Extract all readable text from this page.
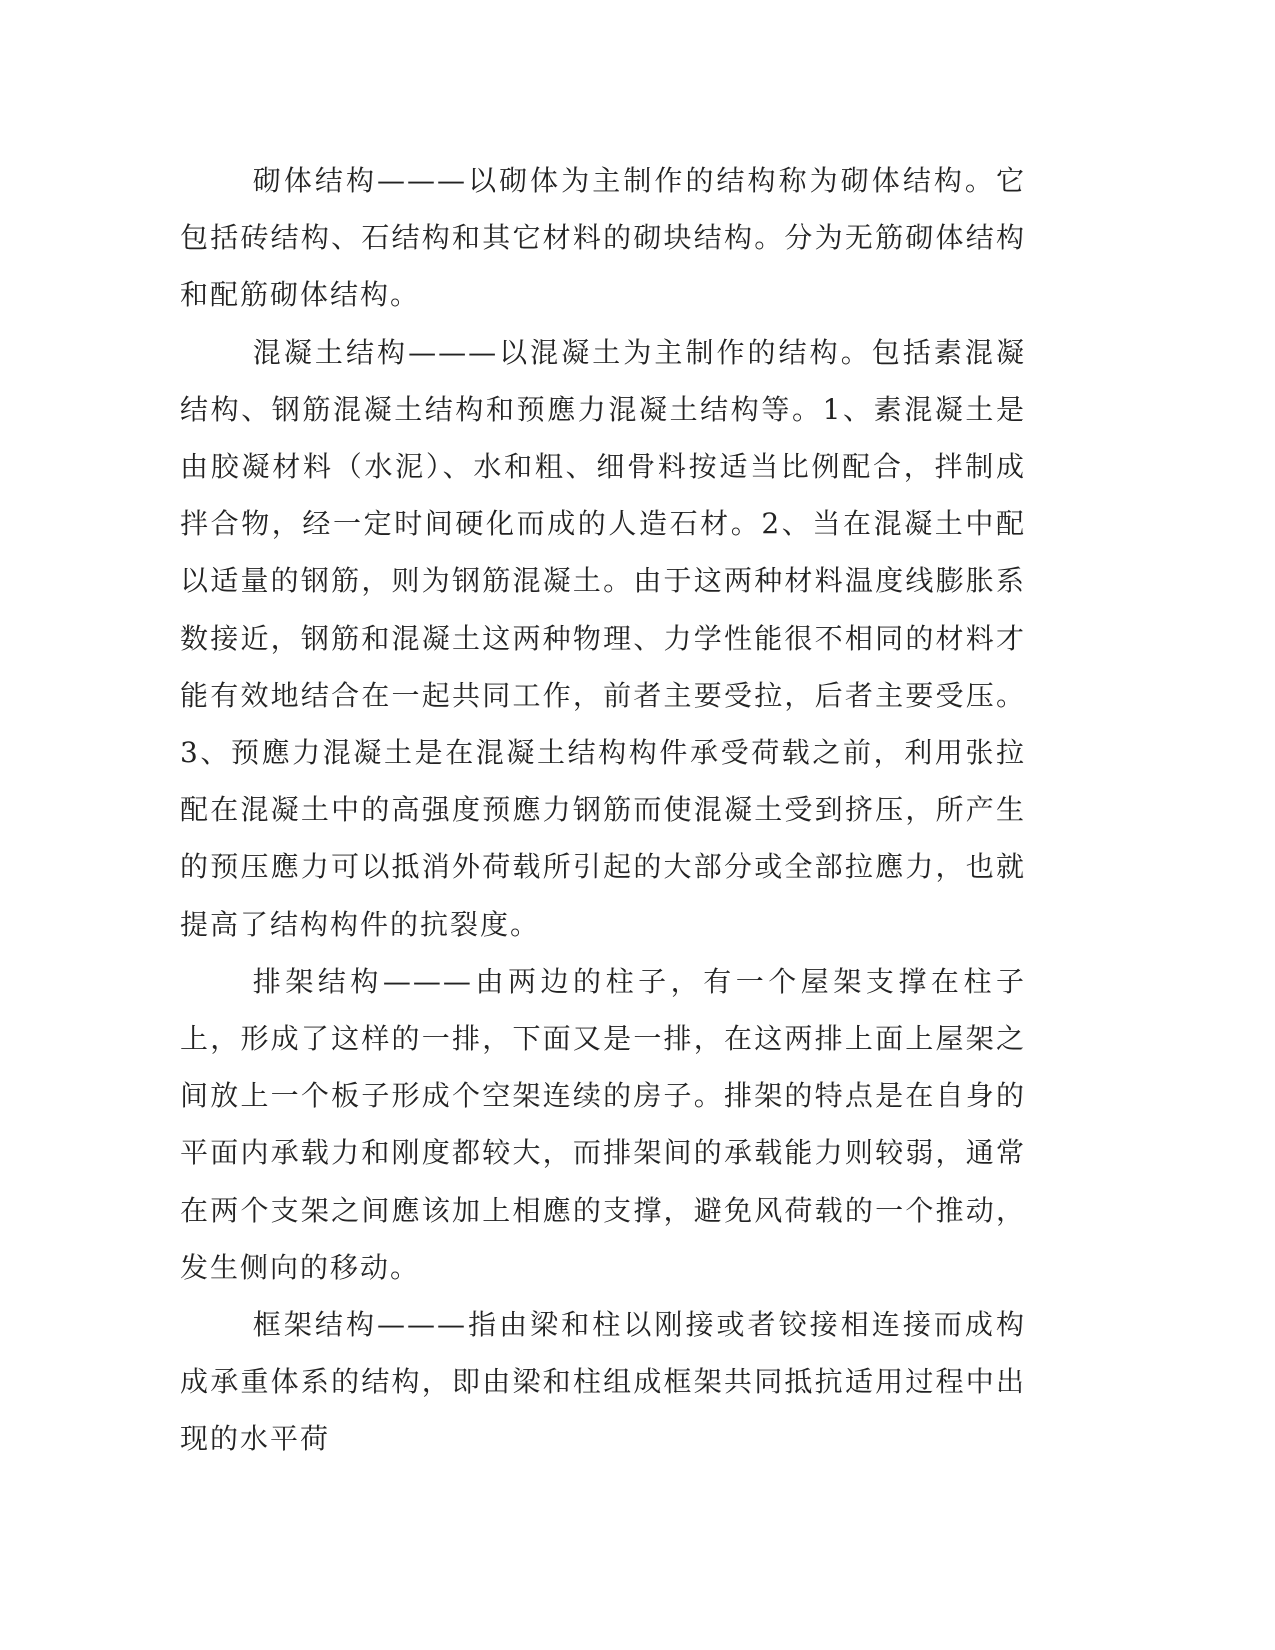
砌体结构———以砌体为主制作的结构称为砌体结构。它包括砖结构、石结构和其它材料的砌块结构。分为无筋砌体结构和配筋砌体结构。

混凝土结构———以混凝土为主制作的结构。包括素混凝结构、钢筋混凝土结构和预應力混凝土结构等。1、素混凝土是由胶凝材料（水泥）、水和粗、细骨料按适当比例配合，拌制成拌合物，经一定时间硬化而成的人造石材。2、当在混凝土中配以适量的钢筋，则为钢筋混凝土。由于这两种材料温度线膨胀系数接近，钢筋和混凝土这两种物理、力学性能很不相同的材料才能有效地结合在一起共同工作，前者主要受拉，后者主要受压。3、预應力混凝土是在混凝土结构构件承受荷载之前，利用张拉配在混凝土中的高强度预應力钢筋而使混凝土受到挤压，所产生的预压應力可以抵消外荷载所引起的大部分或全部拉應力，也就提高了结构构件的抗裂度。

排架结构———由两边的柱子，有一个屋架支撑在柱子上，形成了这样的一排，下面又是一排，在这两排上面上屋架之间放上一个板子形成个空架连续的房子。排架的特点是在自身的平面内承载力和刚度都较大，而排架间的承载能力则较弱，通常在两个支架之间應该加上相應的支撑，避免风荷载的一个推动，发生侧向的移动。

框架结构———指由梁和柱以刚接或者铰接相连接而成构成承重体系的结构，即由梁和柱组成框架共同抵抗适用过程中出现的水平荷
